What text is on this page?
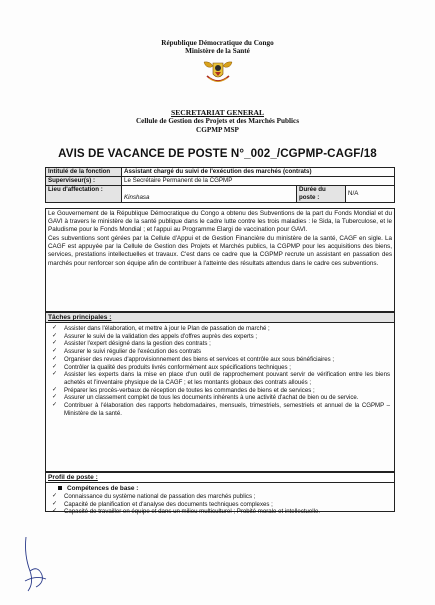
République Démocratique du Congo
Ministère de la Santé
SECRETARIAT GENERAL
Cellule de Gestion des Projets et des Marchés Publics
CGPMP MSP
AVIS DE VACANCE DE POSTE N°_002_/CGPMP-CAGF/18
Intitulé de la fonction	Assistant chargé du suivi de l'exécution des marchés (contrats)		
Superviseur(s) :	Le Secrétaire Permanent de la CGPMP		
Lieu d'affectation :	Kinshasa	Durée du poste :	N/A
Le Gouvernement de la République Démocratique du Congo a obtenu des Subventions de la part du Fonds Mondial et du GAVI à travers le ministère de la santé publique dans le cadre lutte contre les trois maladies : le Sida, la Tuberculose, et le Paludisme pour le Fonds Mondial ; et l'appui au Programme Elargi de vaccination pour GAVI.
Ces subventions sont gérées par la Cellule d'Appui et de Gestion Financière du ministère de la santé, CAGF en sigle. La CAGF est appuyée par la Cellule de Gestion des Projets et Marchés publics, la CGPMP pour les acquisitions des biens, services, prestations intellectuelles et travaux. C'est dans ce cadre que la CGPMP recrute un assistant en passation des marchés pour renforcer son équipe afin de contribuer à l'atteinte des résultats attendus dans le cadre ces subventions.
Tâches principales :
✓ Assister dans l'élaboration, et mettre à jour le Plan de passation de marché ;
✓ Assurer le suivi de la validation des appels d'offres auprès des experts ;
✓ Assister l'expert désigné dans la gestion des contrats ;
✓ Assurer le suivi régulier de l'exécution des contrats
✓ Organiser des revues d'approvisionnement des biens et services et contrôle aux sous bénéficiaires ;
✓ Contrôler la qualité des produits livrés conformément aux spécifications techniques ;
✓ Assister les experts dans la mise en place d'un outil de rapprochement pouvant servir de vérification entre les biens achetés et l'inventaire physique de la CAGF ; et les montants globaux des contrats alloués ;
✓ Préparer les procès-verbaux de réception de toutes les commandes de biens et de services ;
✓ Assurer un classement complet de tous les documents inhérents à une activité d'achat de bien ou de service.
✓ Contribuer à l'élaboration des rapports hebdomadaires, mensuels, trimestriels, semestriels et annuel de la CGPMP – Ministère de la santé.
Profil de poste :
Compétences de base :
✓ Connaissance du système national de passation des marchés publics ;
✓ Capacité de planification et d'analyse des documents techniques complexes ;
✓ Capacité de travailler en équipe et dans un milieu multiculturel ; Probité morale et intellectuelle.
